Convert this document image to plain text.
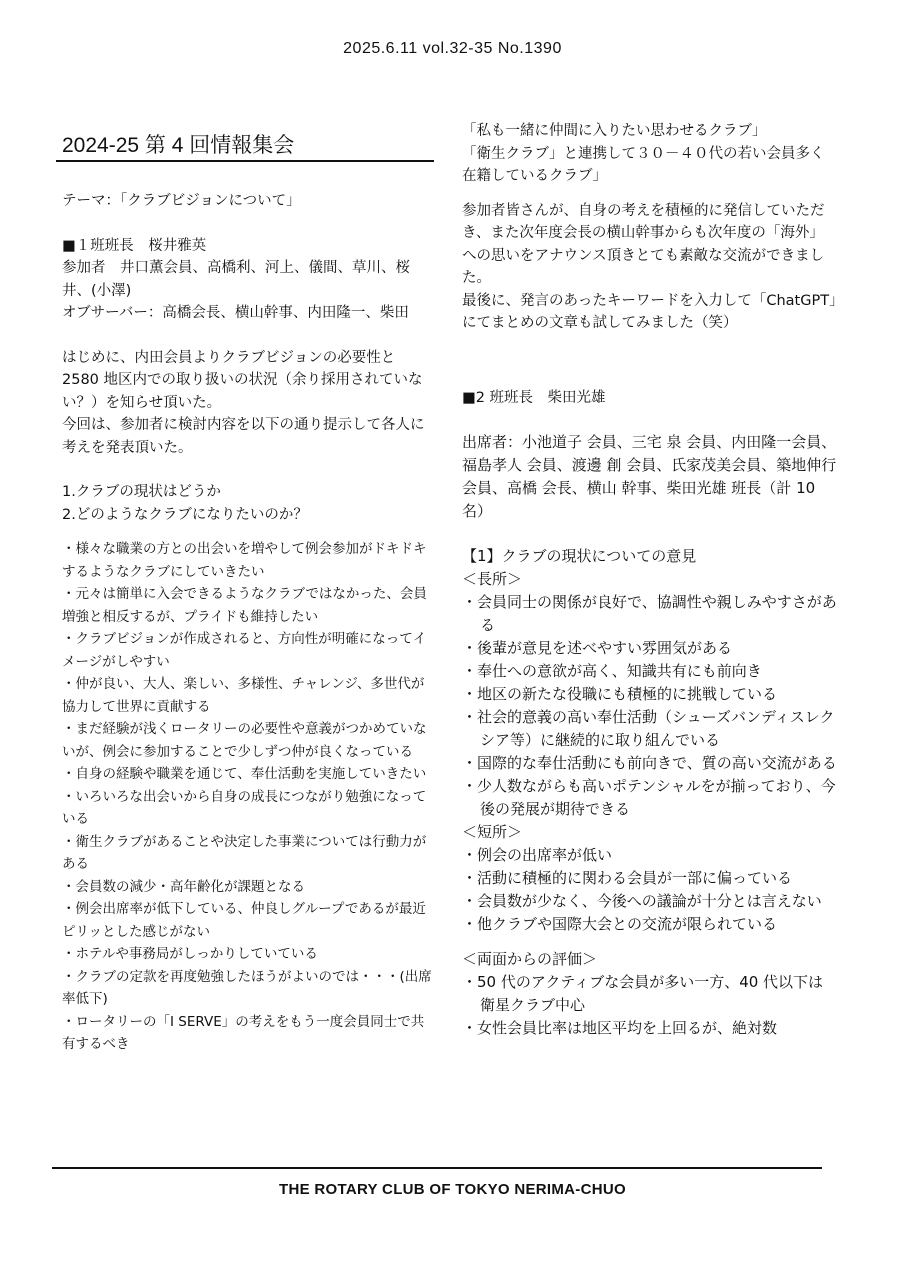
2025.6.11 vol.32-35 No.1390
2024-25 第 4 回情報集会

テーマ：「クラブビジョンについて」

■１班班長　桜井雅英

参加者　井口薫会員、高橋利、河上、儀間、草川、桜井、(小澤)

オブサーバー：高橋会長、横山幹事、内田隆一、柴田

はじめに、内田会員よりクラブビジョンの必要性と 2580 地区内での取り扱いの状況（余り採用されていない？）を知らせ頂いた。

今回は、参加者に検討内容を以下の通り提示して各人に考えを発表頂いた。

1.クラブの現状はどうか

2.どのようなクラブになりたいのか？

・様々な職業の方との出会いを増やして例会参加がドキドキするようなクラブにしていきたい

・元々は簡単に入会できるようなクラブではなかった、会員増強と相反するが、プライドも維持したい

・クラブビジョンが作成されると、方向性が明確になってイメージがしやすい

・仲が良い、大人、楽しい、多様性、チャレンジ、多世代が協力して世界に貢献する

・まだ経験が浅くロータリーの必要性や意義がつかめていないが、例会に参加することで少しずつ仲が良くなっている

・自身の経験や職業を通じて、奉仕活動を実施していきたい

・いろいろな出会いから自身の成長につながり勉強になっている

・衛生クラブがあることや決定した事業については行動力がある

・会員数の減少・高年齢化が課題となる

・例会出席率が低下している、仲良しグループであるが最近ピリッとした感じがない

・ホテルや事務局がしっかりしていている

・クラブの定款を再度勉強したほうがよいのでは・・・(出席率低下)

・ロータリーの「I SERVE」の考えをもう一度会員同士で共有するべき

「私も一緒に仲間に入りたい思わせるクラブ」

「衛生クラブ」と連携して３０－４０代の若い会員多く在籍しているクラブ」

参加者皆さんが、自身の考えを積極的に発信していただき、また次年度会長の横山幹事からも次年度の「海外」への思いをアナウンス頂きとても素敵な交流ができました。

最後に、発言のあったキーワードを入力して「ChatGPT」にてまとめの文章も試してみました（笑）

■2 班班長　柴田光雄

出席者：小池道子 会員、三宅 泉 会員、内田隆一会員、福島孝人 会員、渡邊 創 会員、氏家茂美会員、築地伸行 会員、高橋 会長、横山 幹事、柴田光雄 班長（計 10 名）

【1】クラブの現状についての意見

＜長所＞

・会員同士の関係が良好で、協調性や親しみやすさがある

・後輩が意見を述べやすい雰囲気がある

・奉仕への意欲が高く、知識共有にも前向き

・地区の新たな役職にも積極的に挑戦している

・社会的意義の高い奉仕活動（シューズバンディスレクシア等）に継続的に取り組んでいる

・国際的な奉仕活動にも前向きで、質の高い交流がある

・少人数ながらも高いポテンシャルをが揃っており、今後の発展が期待できる

＜短所＞

・例会の出席率が低い

・活動に積極的に関わる会員が一部に偏っている

・会員数が少なく、今後への議論が十分とは言えない

・他クラブや国際大会との交流が限られている

＜両面からの評価＞

・50 代のアクティブな会員が多い一方、40 代以下は衛星クラブ中心

・女性会員比率は地区平均を上回るが、絶対数

THE ROTARY CLUB OF TOKYO NERIMA-CHUO
